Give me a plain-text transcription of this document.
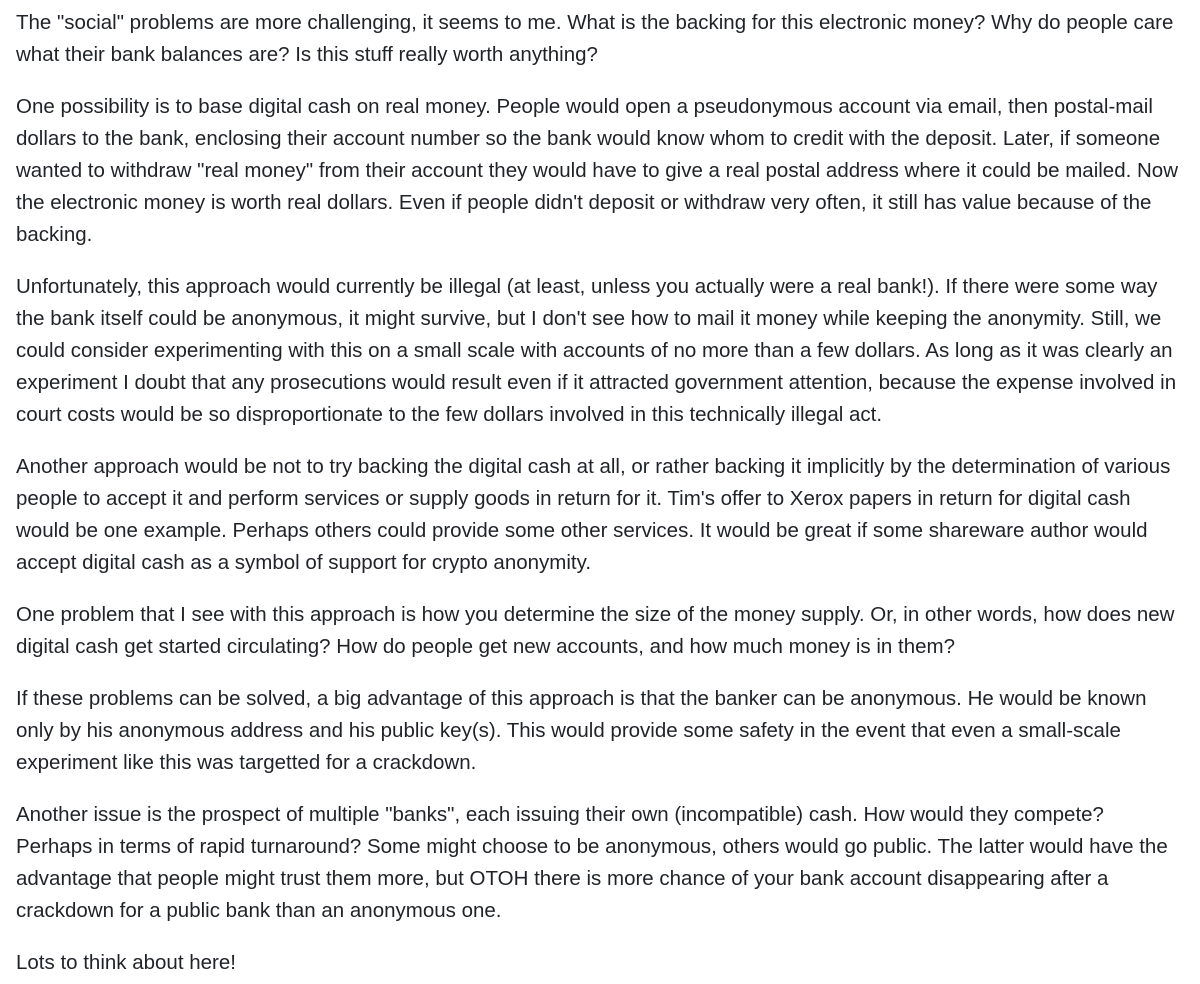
The "social" problems are more challenging, it seems to me. What is the backing for this electronic money? Why do people care what their bank balances are? Is this stuff really worth anything?

One possibility is to base digital cash on real money. People would open a pseudonymous account via email, then postal-mail dollars to the bank, enclosing their account number so the bank would know whom to credit with the deposit. Later, if someone wanted to withdraw "real money" from their account they would have to give a real postal address where it could be mailed. Now the electronic money is worth real dollars. Even if people didn't deposit or withdraw very often, it still has value because of the backing.

Unfortunately, this approach would currently be illegal (at least, unless you actually were a real bank!). If there were some way the bank itself could be anonymous, it might survive, but I don't see how to mail it money while keeping the anonymity. Still, we could consider experimenting with this on a small scale with accounts of no more than a few dollars. As long as it was clearly an experiment I doubt that any prosecutions would result even if it attracted government attention, because the expense involved in court costs would be so disproportionate to the few dollars involved in this technically illegal act.

Another approach would be not to try backing the digital cash at all, or rather backing it implicitly by the determination of various people to accept it and perform services or supply goods in return for it. Tim's offer to Xerox papers in return for digital cash would be one example. Perhaps others could provide some other services. It would be great if some shareware author would accept digital cash as a symbol of support for crypto anonymity.

One problem that I see with this approach is how you determine the size of the money supply. Or, in other words, how does new digital cash get started circulating? How do people get new accounts, and how much money is in them?

If these problems can be solved, a big advantage of this approach is that the banker can be anonymous. He would be known only by his anonymous address and his public key(s). This would provide some safety in the event that even a small-scale experiment like this was targetted for a crackdown.

Another issue is the prospect of multiple "banks", each issuing their own (incompatible) cash. How would they compete? Perhaps in terms of rapid turnaround? Some might choose to be anonymous, others would go public. The latter would have the advantage that people might trust them more, but OTOH there is more chance of your bank account disappearing after a crackdown for a public bank than an anonymous one.

Lots to think about here!
